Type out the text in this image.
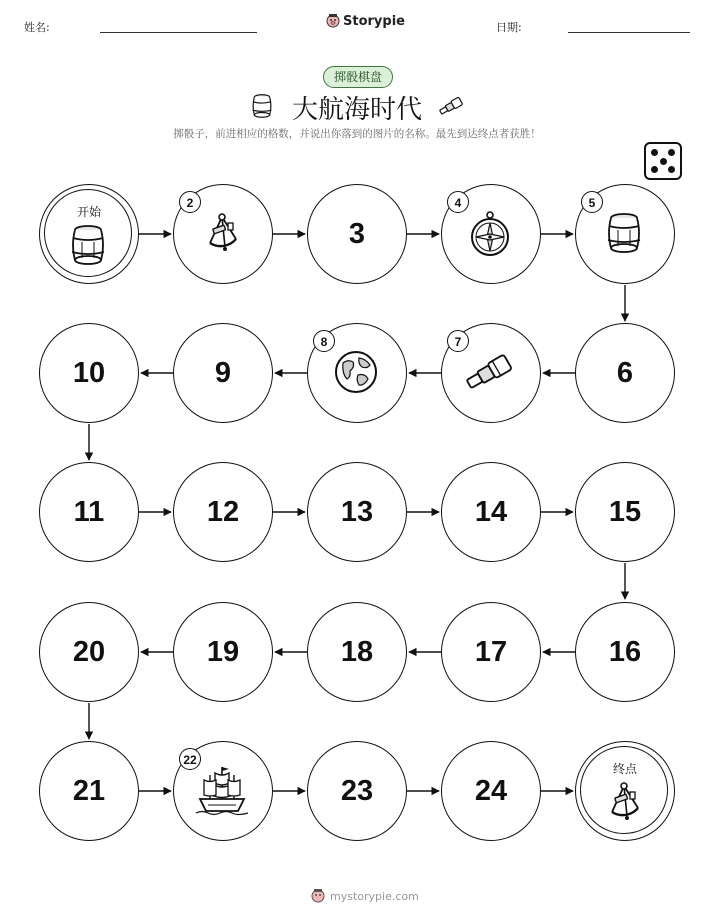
姓名:	日期:
Storypie
掷骰棋盘
大航海时代
掷骰子，前进相应的格数，并说出你落到的图片的名称。最先到达终点者获胜！
开始
2
3
4	5
6
7
8
9
10
11	12	13	14	15
16
17
18
19
20
21
22
23	24
终点
mystorypie.com
